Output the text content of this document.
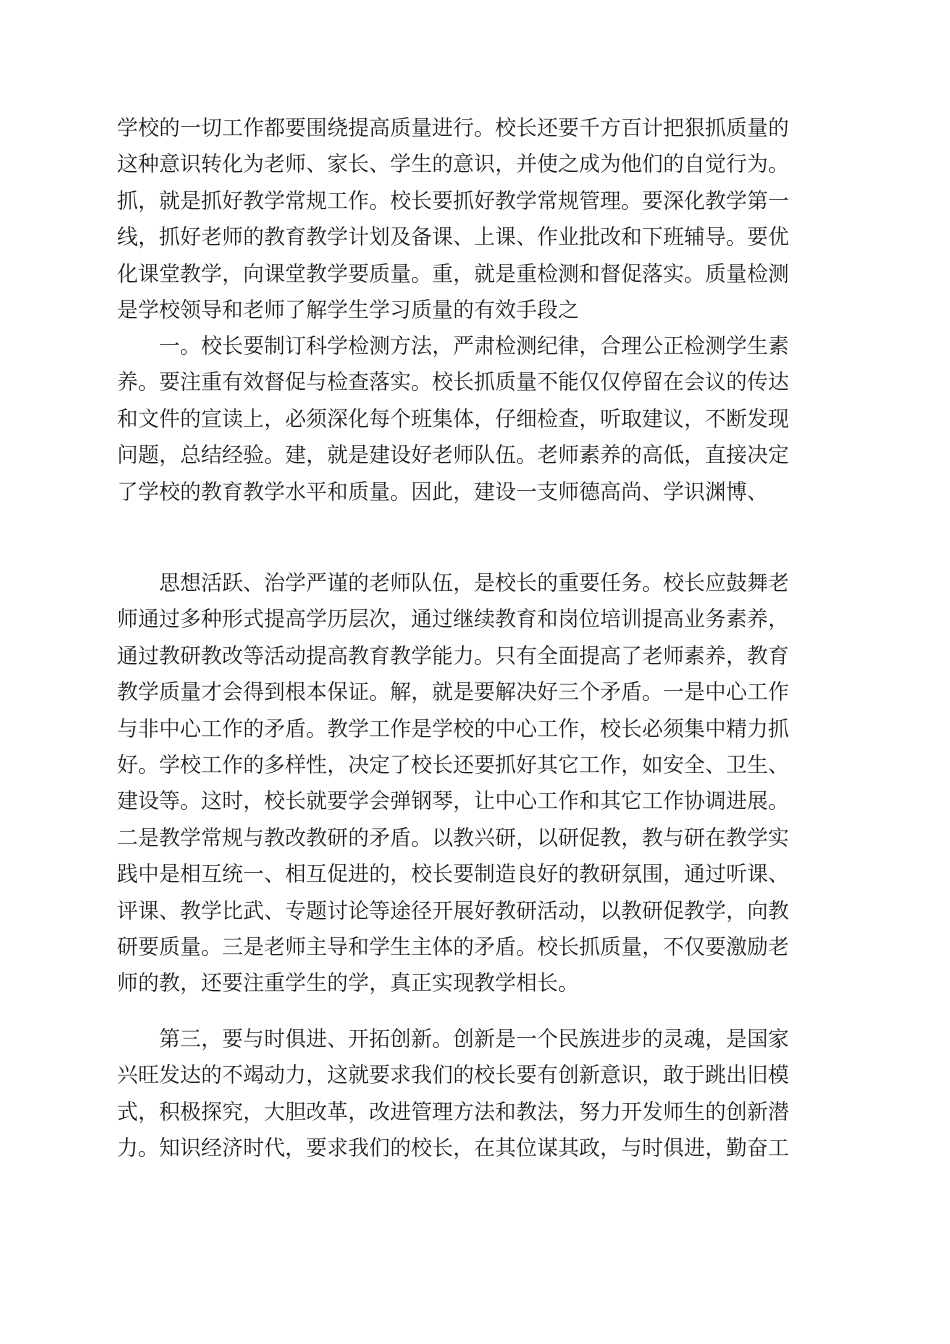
学校的一切工作都要围绕提高质量进行。校长还要千方百计把狠抓质量的
这种意识转化为老师、家长、学生的意识，并使之成为他们的自觉行为。
抓，就是抓好教学常规工作。校长要抓好教学常规管理。要深化教学第一
线，抓好老师的教育教学计划及备课、上课、作业批改和下班辅导。要优
化课堂教学，向课堂教学要质量。重，就是重检测和督促落实。质量检测
是学校领导和老师了解学生学习质量的有效手段之

　　一。校长要制订科学检测方法，严肃检测纪律，合理公正检测学生素
养。要注重有效督促与检查落实。校长抓质量不能仅仅停留在会议的传达
和文件的宣读上，必须深化每个班集体，仔细检查，听取建议，不断发现
问题，总结经验。建，就是建设好老师队伍。老师素养的高低，直接决定
了学校的教育教学水平和质量。因此，建设一支师德高尚、学识渊博、

　　思想活跃、治学严谨的老师队伍，是校长的重要任务。校长应鼓舞老
师通过多种形式提高学历层次，通过继续教育和岗位培训提高业务素养，
通过教研教改等活动提高教育教学能力。只有全面提高了老师素养，教育
教学质量才会得到根本保证。解，就是要解决好三个矛盾。一是中心工作
与非中心工作的矛盾。教学工作是学校的中心工作，校长必须集中精力抓
好。学校工作的多样性，决定了校长还要抓好其它工作，如安全、卫生、
建设等。这时，校长就要学会弹钢琴，让中心工作和其它工作协调进展。
二是教学常规与教改教研的矛盾。以教兴研，以研促教，教与研在教学实
践中是相互统一、相互促进的，校长要制造良好的教研氛围，通过听课、
评课、教学比武、专题讨论等途径开展好教研活动，以教研促教学，向教
研要质量。三是老师主导和学生主体的矛盾。校长抓质量，不仅要激励老
师的教，还要注重学生的学，真正实现教学相长。

　　第三，要与时俱进、开拓创新。创新是一个民族进步的灵魂，是国家
兴旺发达的不竭动力，这就要求我们的校长要有创新意识，敢于跳出旧模
式，积极探究，大胆改革，改进管理方法和教法，努力开发师生的创新潜
力。知识经济时代，要求我们的校长，在其位谋其政，与时俱进，勤奋工
